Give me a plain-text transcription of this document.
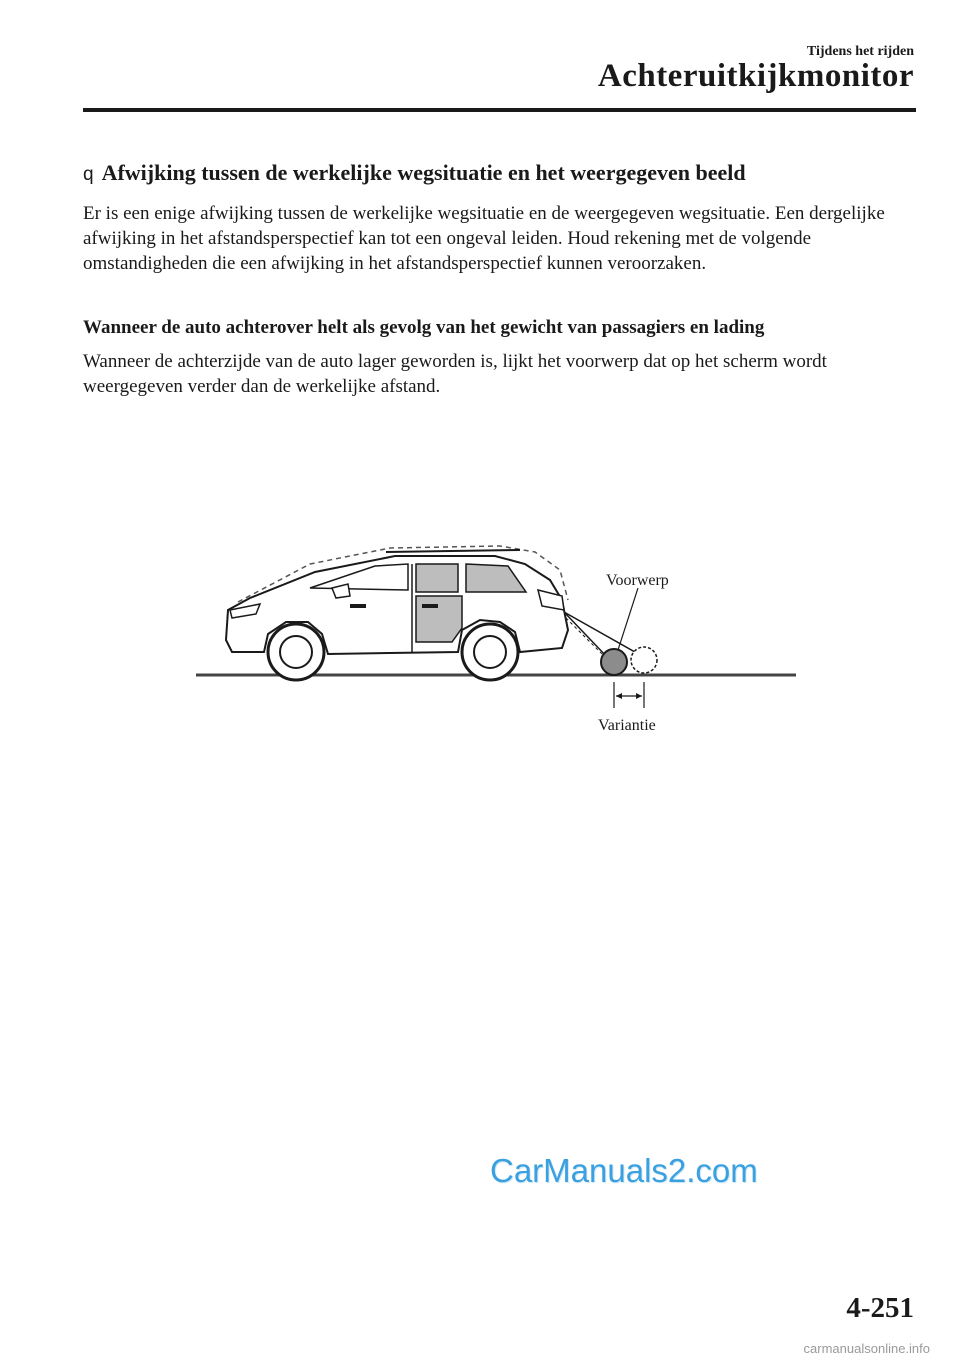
Tijdens het rijden
Achteruitkijkmonitor
q Afwijking tussen de werkelijke wegsituatie en het weergegeven beeld
Er is een enige afwijking tussen de werkelijke wegsituatie en de weergegeven wegsituatie. Een dergelijke afwijking in het afstandsperspectief kan tot een ongeval leiden. Houd rekening met de volgende omstandigheden die een afwijking in het afstandsperspectief kunnen veroorzaken.
Wanneer de auto achterover helt als gevolg van het gewicht van passagiers en lading
Wanneer de achterzijde van de auto lager geworden is, lijkt het voorwerp dat op het scherm wordt weergegeven verder dan de werkelijke afstand.
Voorwerp
Variantie
CarManuals2.com
4-251
carmanualsonline.info
